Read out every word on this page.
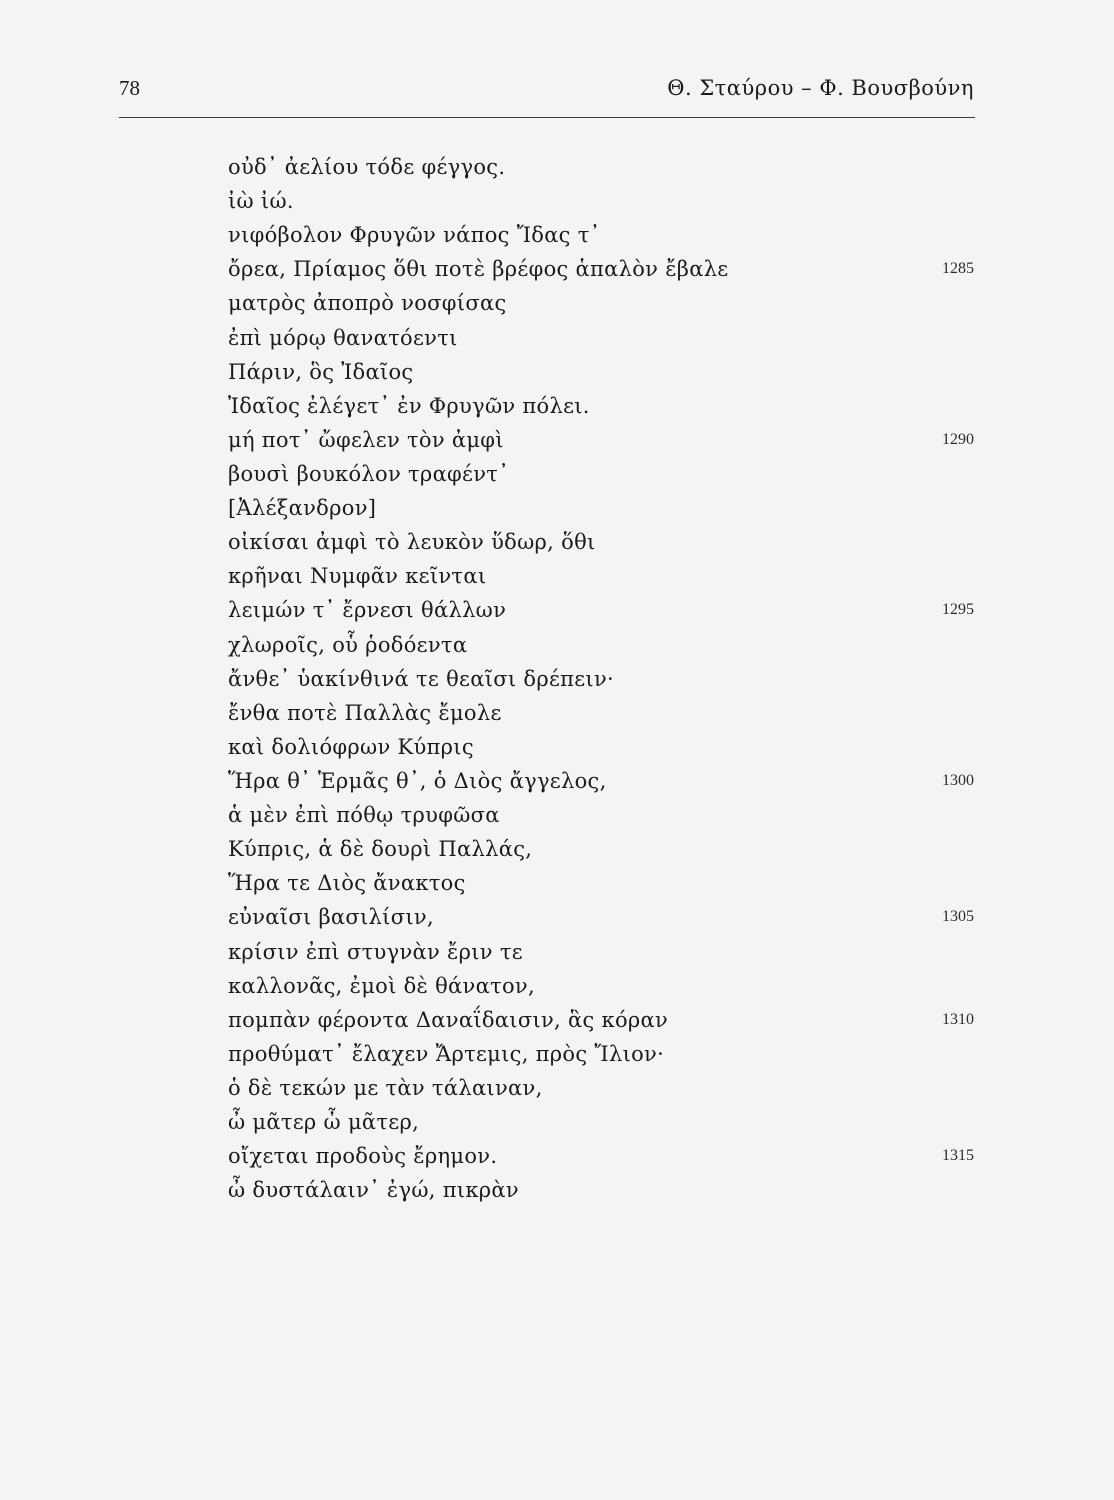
78	Θ. Σταύρου – Φ. Βουσβούνη
οὐδ᾽ ἀελίου τόδε φέγγος.
ἰὼ ἰώ.
νιφόβολον Φρυγῶν νάπος Ἴδας τ᾽
ὄρεα, Πρίαμος ὅθι ποτὲ βρέφος ἁπαλὸν ἔβαλε	1285
ματρὸς ἀποπρὸ νοσφίσας
ἐπὶ μόρῳ θανατόεντι
Πάριν, ὃς Ἰδαῖος
Ἰδαῖος ἐλέγετ᾽ ἐν Φρυγῶν πόλει.
μή ποτ᾽ ὤφελεν τὸν ἀμφὶ	1290
βουσὶ βουκόλον τραφέντ᾽
[Ἀλέξανδρον]
οἰκίσαι ἀμφὶ τὸ λευκὸν ὕδωρ, ὅθι
κρῆναι Νυμφᾶν κεῖνται
λειμών τ᾽ ἔρνεσι θάλλων	1295
χλωροῖς, οὗ ῥοδόεντα
ἄνθε᾽ ὑακίνθινά τε θεαῖσι δρέπειν·
ἔνθα ποτὲ Παλλὰς ἔμολε
καὶ δολιόφρων Κύπρις
Ἥρα θ᾽ Ἑρμᾶς θ᾽, ὁ Διὸς ἄγγελος,	1300
ἁ μὲν ἐπὶ πόθῳ τρυφῶσα
Κύπρις, ἁ δὲ δουρὶ Παλλάς,
Ἥρα τε Διὸς ἄνακτος
εὐναῖσι βασιλίσιν,	1305
κρίσιν ἐπὶ στυγνὰν ἔριν τε
καλλονᾶς, ἐμοὶ δὲ θάνατον,
πομπὰν φέροντα Δαναΐδαισιν, ἃς κόραν	1310
προθύματ᾽ ἔλαχεν Ἄρτεμις, πρὸς Ἴλιον·
ὁ δὲ τεκών με τὰν τάλαιναν,
ὦ μᾶτερ ὦ μᾶτερ,
οἴχεται προδοὺς ἔρημον.	1315
ὦ δυστάλαιν᾽ ἐγώ, πικρὰν
